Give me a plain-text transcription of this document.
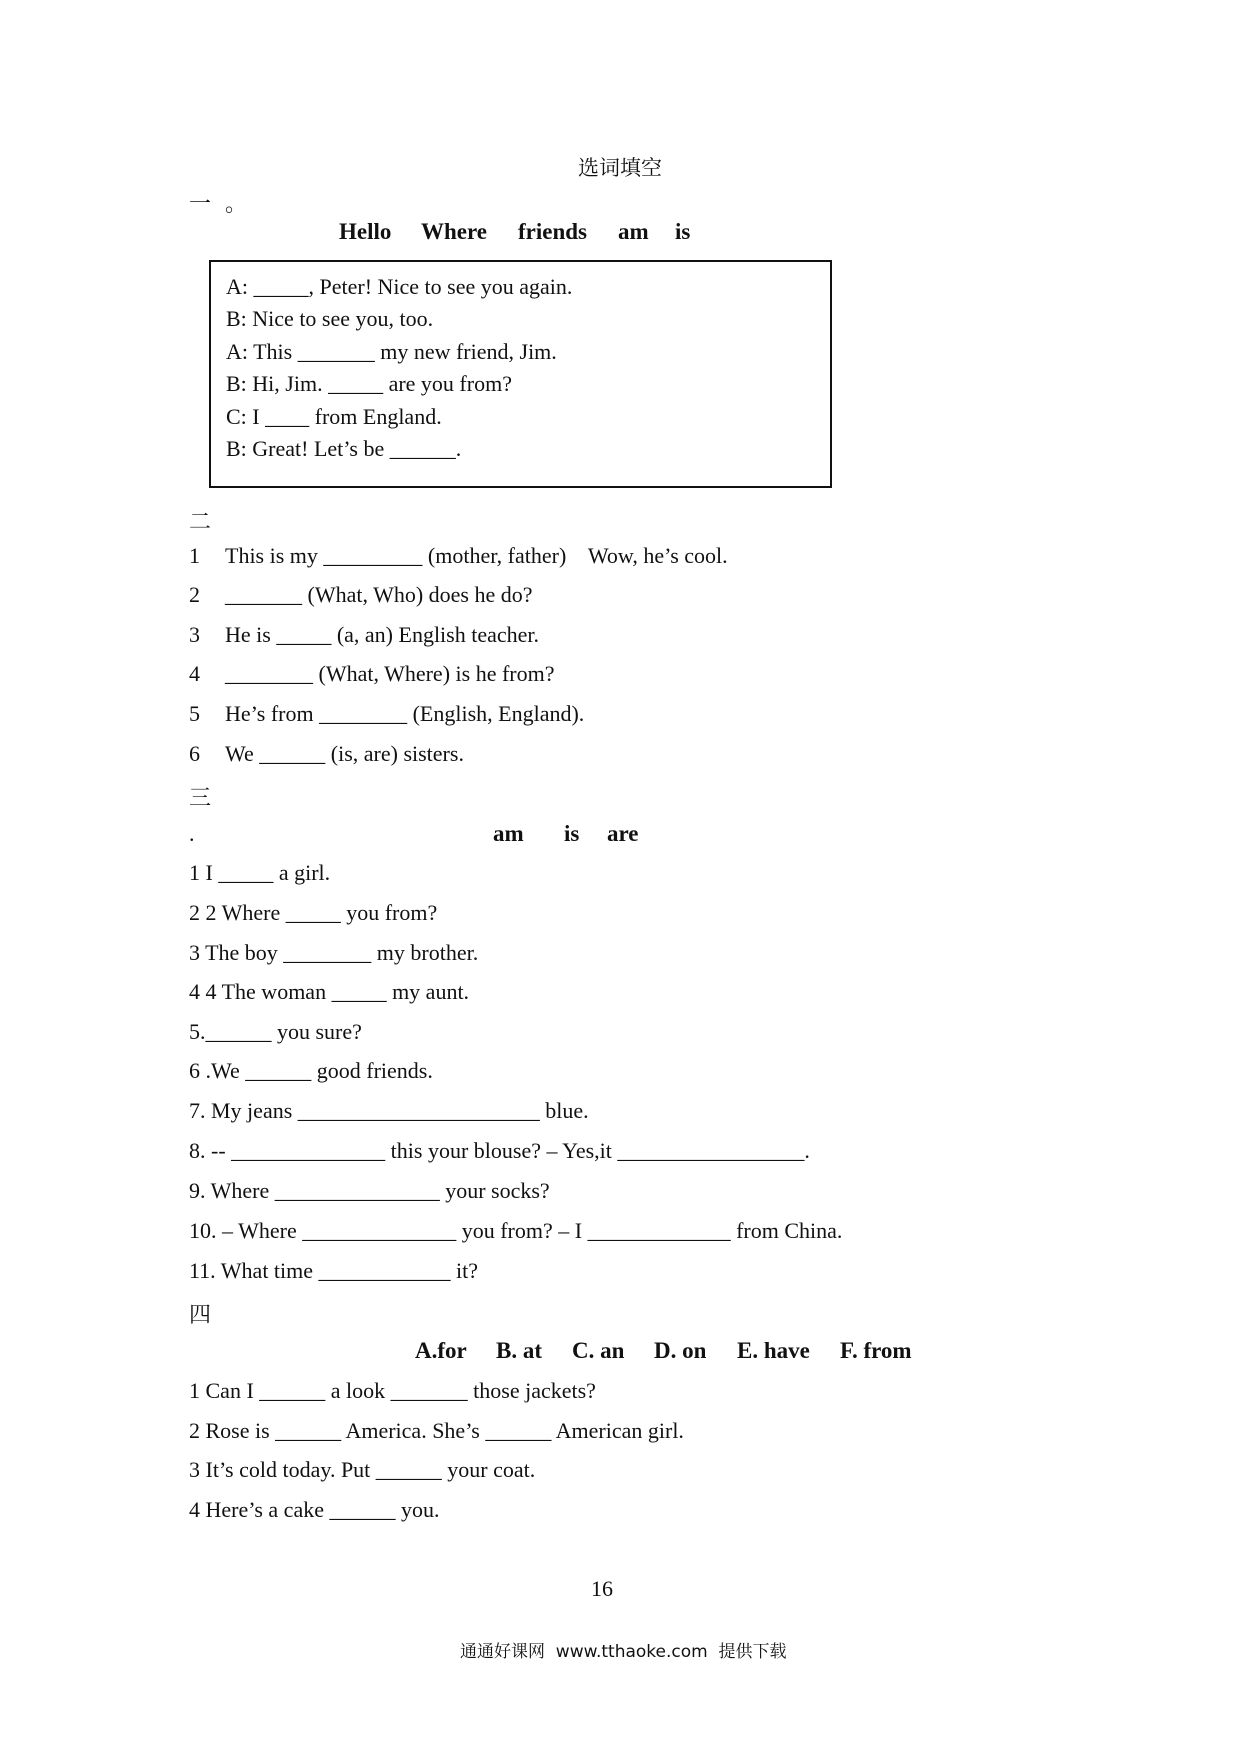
选词填空
一  。
Hello Where friends am is
A: _____, Peter! Nice to see you again.
B: Nice to see you, too.
A: This _______ my new friend, Jim.
B: Hi, Jim. _____ are you from?
C: I ____ from England.
B: Great! Let’s be ______.
二
1 This is my _________ (mother, father)    Wow, he’s cool.
2 _______ (What, Who) does he do?
3 He is _____ (a, an) English teacher.
4 ________ (What, Where) is he from?
5 He’s from ________ (English, England).
6 We ______ (is, are) sisters.
三
.	am is are
1 I _____ a girl.
2 2 Where _____ you from?
3 The boy ________ my brother.
4 4 The woman _____ my aunt.
5.______ you sure?
6 .We ______ good friends.
7. My jeans ______________________ blue.
8. -- ______________ this your blouse? – Yes,it _________________.
9. Where _______________ your socks?
10. – Where ______________ you from? – I _____________ from China.
11. What time ____________ it?
四
A.for B. at C. an D. on E. have F. from
1 Can I ______ a look _______ those jackets?
2 Rose is ______ America. She’s ______ American girl.
3 It’s cold today. Put ______ your coat.
4 Here’s a cake ______ you.
16
通通好课网  www.tthaoke.com  提供下载
